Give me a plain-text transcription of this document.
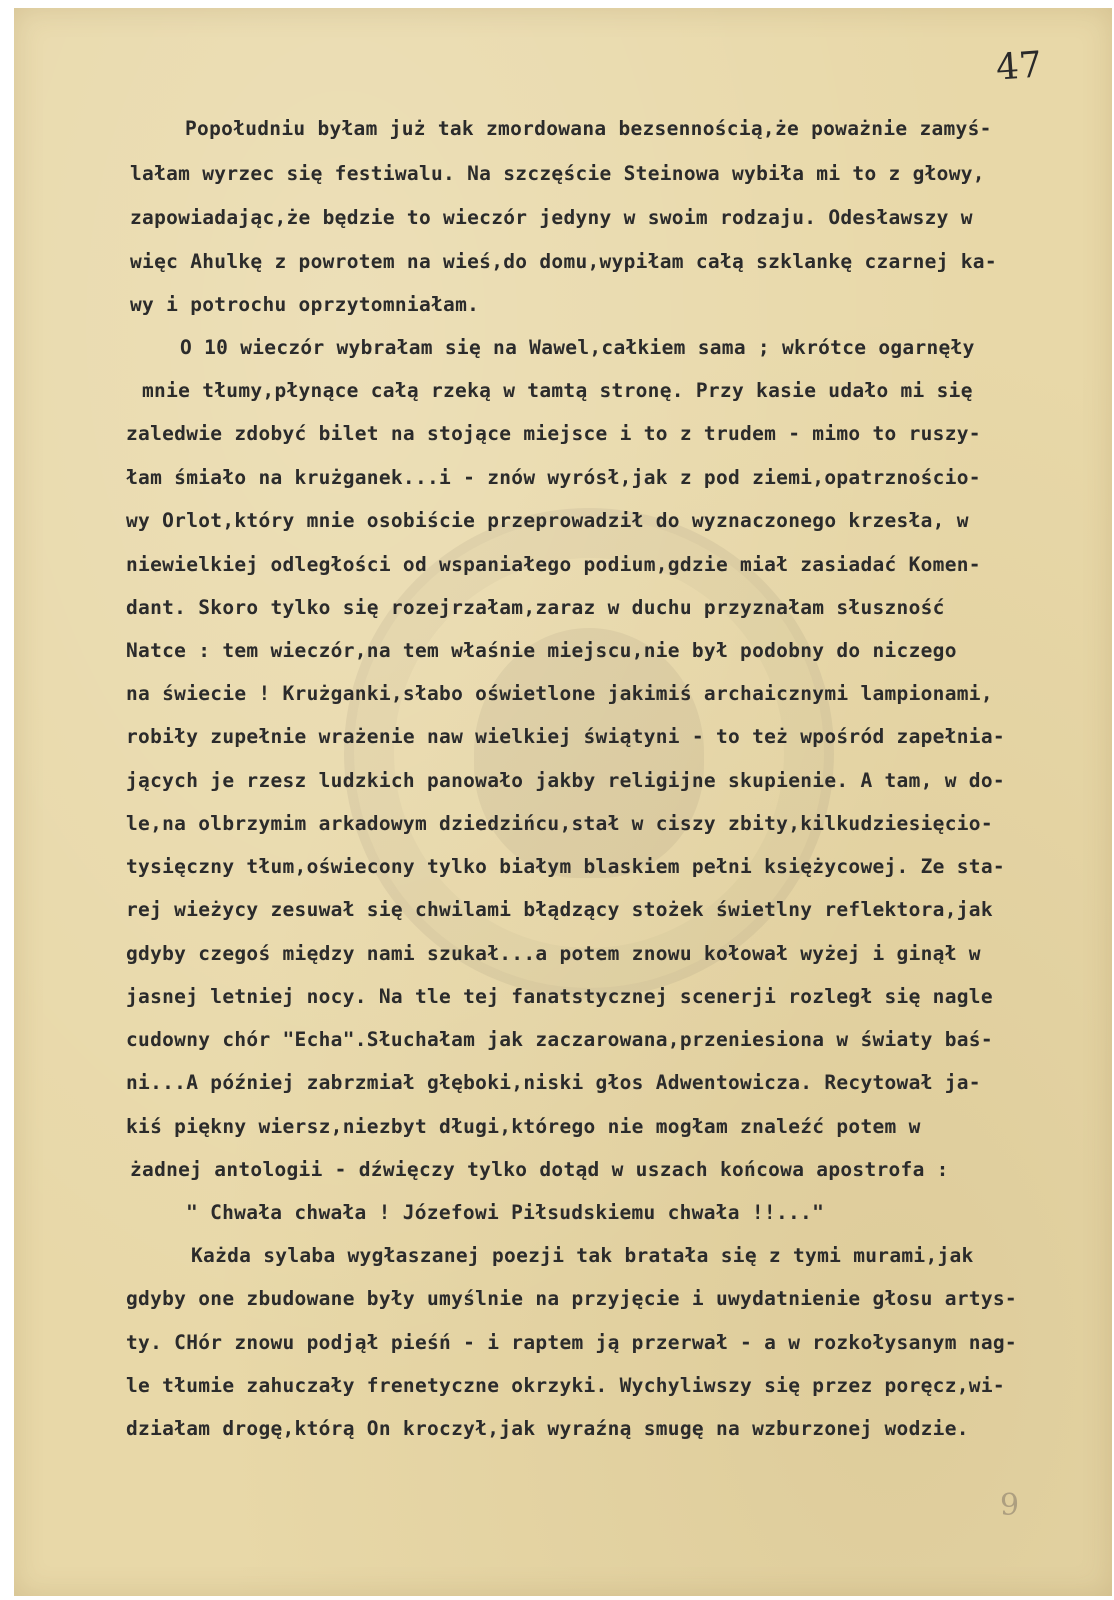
47
Popołudniu byłam już tak zmordowana bezsennością,że poważnie zamyś-
lałam wyrzec się festiwalu. Na szczęście Steinowa wybiła mi to z głowy,
zapowiadając,że będzie to wieczór jedyny w swoim rodzaju. Odesławszy w
więc Ahulkę z powrotem na wieś,do domu,wypiłam całą szklankę czarnej ka-
wy i potrochu oprzytomniałam.
O 10 wieczór wybrałam się na Wawel,całkiem sama ; wkrótce ogarnęły
mnie tłumy,płynące całą rzeką w tamtą stronę. Przy kasie udało mi się
zaledwie zdobyć bilet na stojące miejsce i to z trudem - mimo to ruszy-
łam śmiało na krużganek...i - znów wyrósł,jak z pod ziemi,opatrznościo-
wy Orlot,który mnie osobiście przeprowadził do wyznaczonego krzesła, w
niewielkiej odległości od wspaniałego podium,gdzie miał zasiadać Komen-
dant. Skoro tylko się rozejrzałam,zaraz w duchu przyznałam słuszność
Natce : tem wieczór,na tem właśnie miejscu,nie był podobny do niczego
na świecie ! Krużganki,słabo oświetlone jakimiś archaicznymi lampionami,
robiły zupełnie wrażenie naw wielkiej świątyni - to też wpośród zapełnia-
jących je rzesz ludzkich panowało jakby religijne skupienie. A tam, w do-
le,na olbrzymim arkadowym dziedzińcu,stał w ciszy zbity,kilkudziesięcio-
tysięczny tłum,oświecony tylko białym blaskiem pełni księżycowej. Ze sta-
rej wieżycy zesuwał się chwilami błądzący stożek świetlny reflektora,jak
gdyby czegoś między nami szukał...a potem znowu kołował wyżej i ginął w
jasnej letniej nocy. Na tle tej fanatstycznej scenerji rozległ się nagle
cudowny chór "Echa".Słuchałam jak zaczarowana,przeniesiona w światy baś-
ni...A później zabrzmiał głęboki,niski głos Adwentowicza. Recytował ja-
kiś piękny wiersz,niezbyt długi,którego nie mogłam znaleźć potem w
żadnej antologii - dźwięczy tylko dotąd w uszach końcowa apostrofa :
" Chwała chwała ! Józefowi Piłsudskiemu chwała !!..."
Każda sylaba wygłaszanej poezji tak bratała się z tymi murami,jak
gdyby one zbudowane były umyślnie na przyjęcie i uwydatnienie głosu artys-
ty. CHór znowu podjął pieśń - i raptem ją przerwał - a w rozkołysanym nag-
le tłumie zahuczały frenetyczne okrzyki. Wychyliwszy się przez poręcz,wi-
działam drogę,którą On kroczył,jak wyraźną smugę na wzburzonej wodzie.
9
